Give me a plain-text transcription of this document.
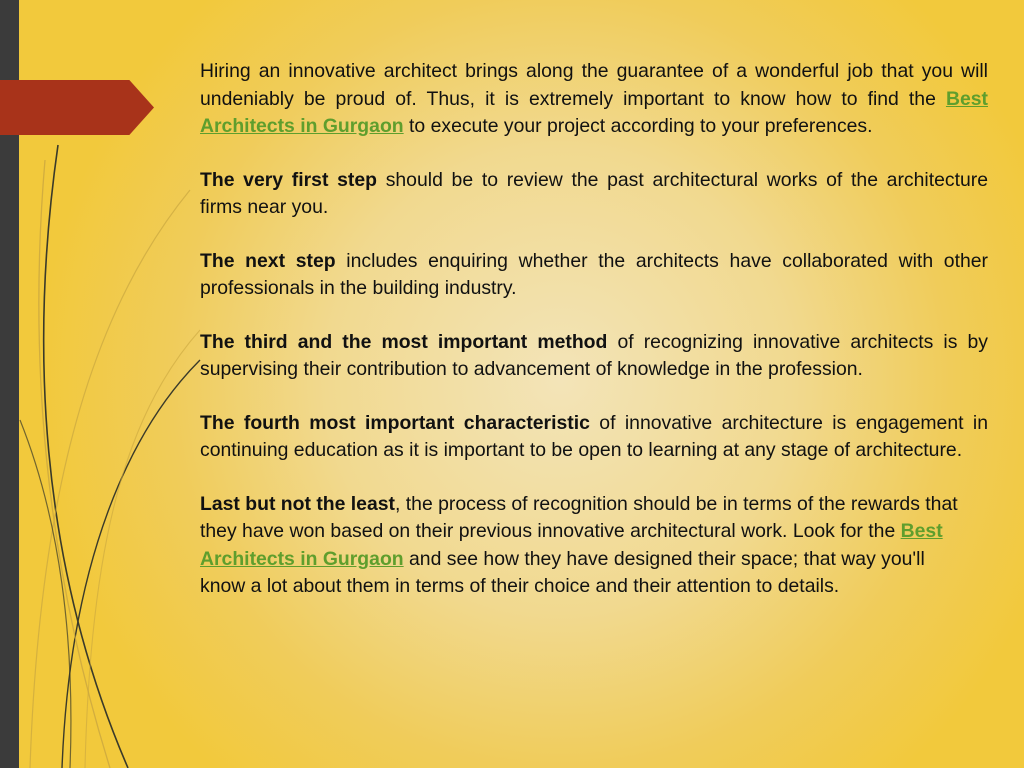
Hiring an innovative architect brings along the guarantee of a wonderful job that you will undeniably be proud of. Thus, it is extremely important to know how to find the Best Architects in Gurgaon to execute your project according to your preferences.

The very first step should be to review the past architectural works of the architecture firms near you.

The next step includes enquiring whether the architects have collaborated with other professionals in the building industry.

The third and the most important method of recognizing innovative architects is by supervising their contribution to advancement of knowledge in the profession.

The fourth most important characteristic of innovative architecture is engagement in continuing education as it is important to be open to learning at any stage of architecture.

Last but not the least, the process of recognition should be in terms of the rewards that they have won based on their previous innovative architectural work. Look for the Best Architects in Gurgaon and see how they have designed their space; that way you'll know a lot about them in terms of their choice and their attention to details.
